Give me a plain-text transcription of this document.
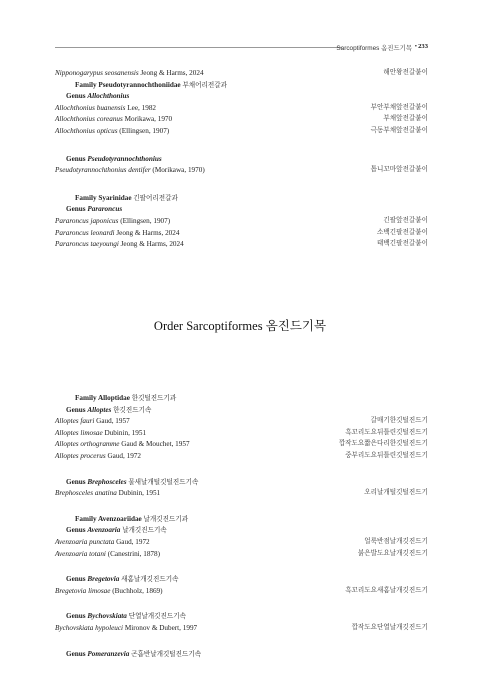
Sarcoptiformes 옴진드기목 • 233
Nipponogarypus seosanensis Jeong & Harms, 2024	해안왕전갈붙이
Family Pseudotyrannochthoniidae 부채어리전갈과
Genus Allochthonius
Allochthonius buanensis Lee, 1982	부안부채앞전갈붙이
Allochthonius coreanus Morikawa, 1970	부채앞전갈붙이
Allochthonius opticus (Ellingsen, 1907)	극동부채앞전갈붙이
Genus Pseudotyrannochthonius
Pseudotyrannochthonius dentifer (Morikawa, 1970)	톱니꼬마앞전갈붙이
Family Syarinidae 긴팔어리전갈과
Genus Pararoncus
Pararoncus japonicus (Ellingsen, 1907)	긴팔앞전갈붙이
Pararoncus leonardi Jeong & Harms, 2024	소백긴팔전갈붙이
Pararoncus taeyoungi Jeong & Harms, 2024	태백긴팔전갈붙이
Order Sarcoptiformes 옴진드기목
Family Alloptidae 한깃털진드기과
Genus Alloptes 한깃진드기속
Alloptes fauri Gaud, 1957	갈매기한깃털진드기
Alloptes limosae Dubinin, 1951	흑꼬리도요뒤틀린깃털진드기
Alloptes orthogramme Gaud & Mouchet, 1957	깝작도요짧은다리한깃털진드기
Alloptes procerus Gaud, 1972	중부리도요뒤틀린깃털진드기
Genus Brephosceles 물새날개털깃털진드기속
Brephosceles anatina Dubinin, 1951	오리날개털깃털진드기
Family Avenzoariidae 날개깃진드기과
Genus Avenzoaria 날개깃진드기속
Avenzoaria punctata Gaud, 1972	얼룩반점날개깃진드기
Avenzoaria totani (Canestrini, 1878)	붉은발도요날개깃진드기
Genus Bregetovia 새홈날개깃진드기속
Bregetovia limosae (Buchholz, 1869)	흑꼬리도요새홈날개깃진드기
Genus Bychovskiata 단열날개깃진드기속
Bychovskiata hypoleuci Mironov & Dubert, 1997	깝작도요단열날개깃진드기
Genus Pomeranzevia 곤흡반날개깃털진드기속
